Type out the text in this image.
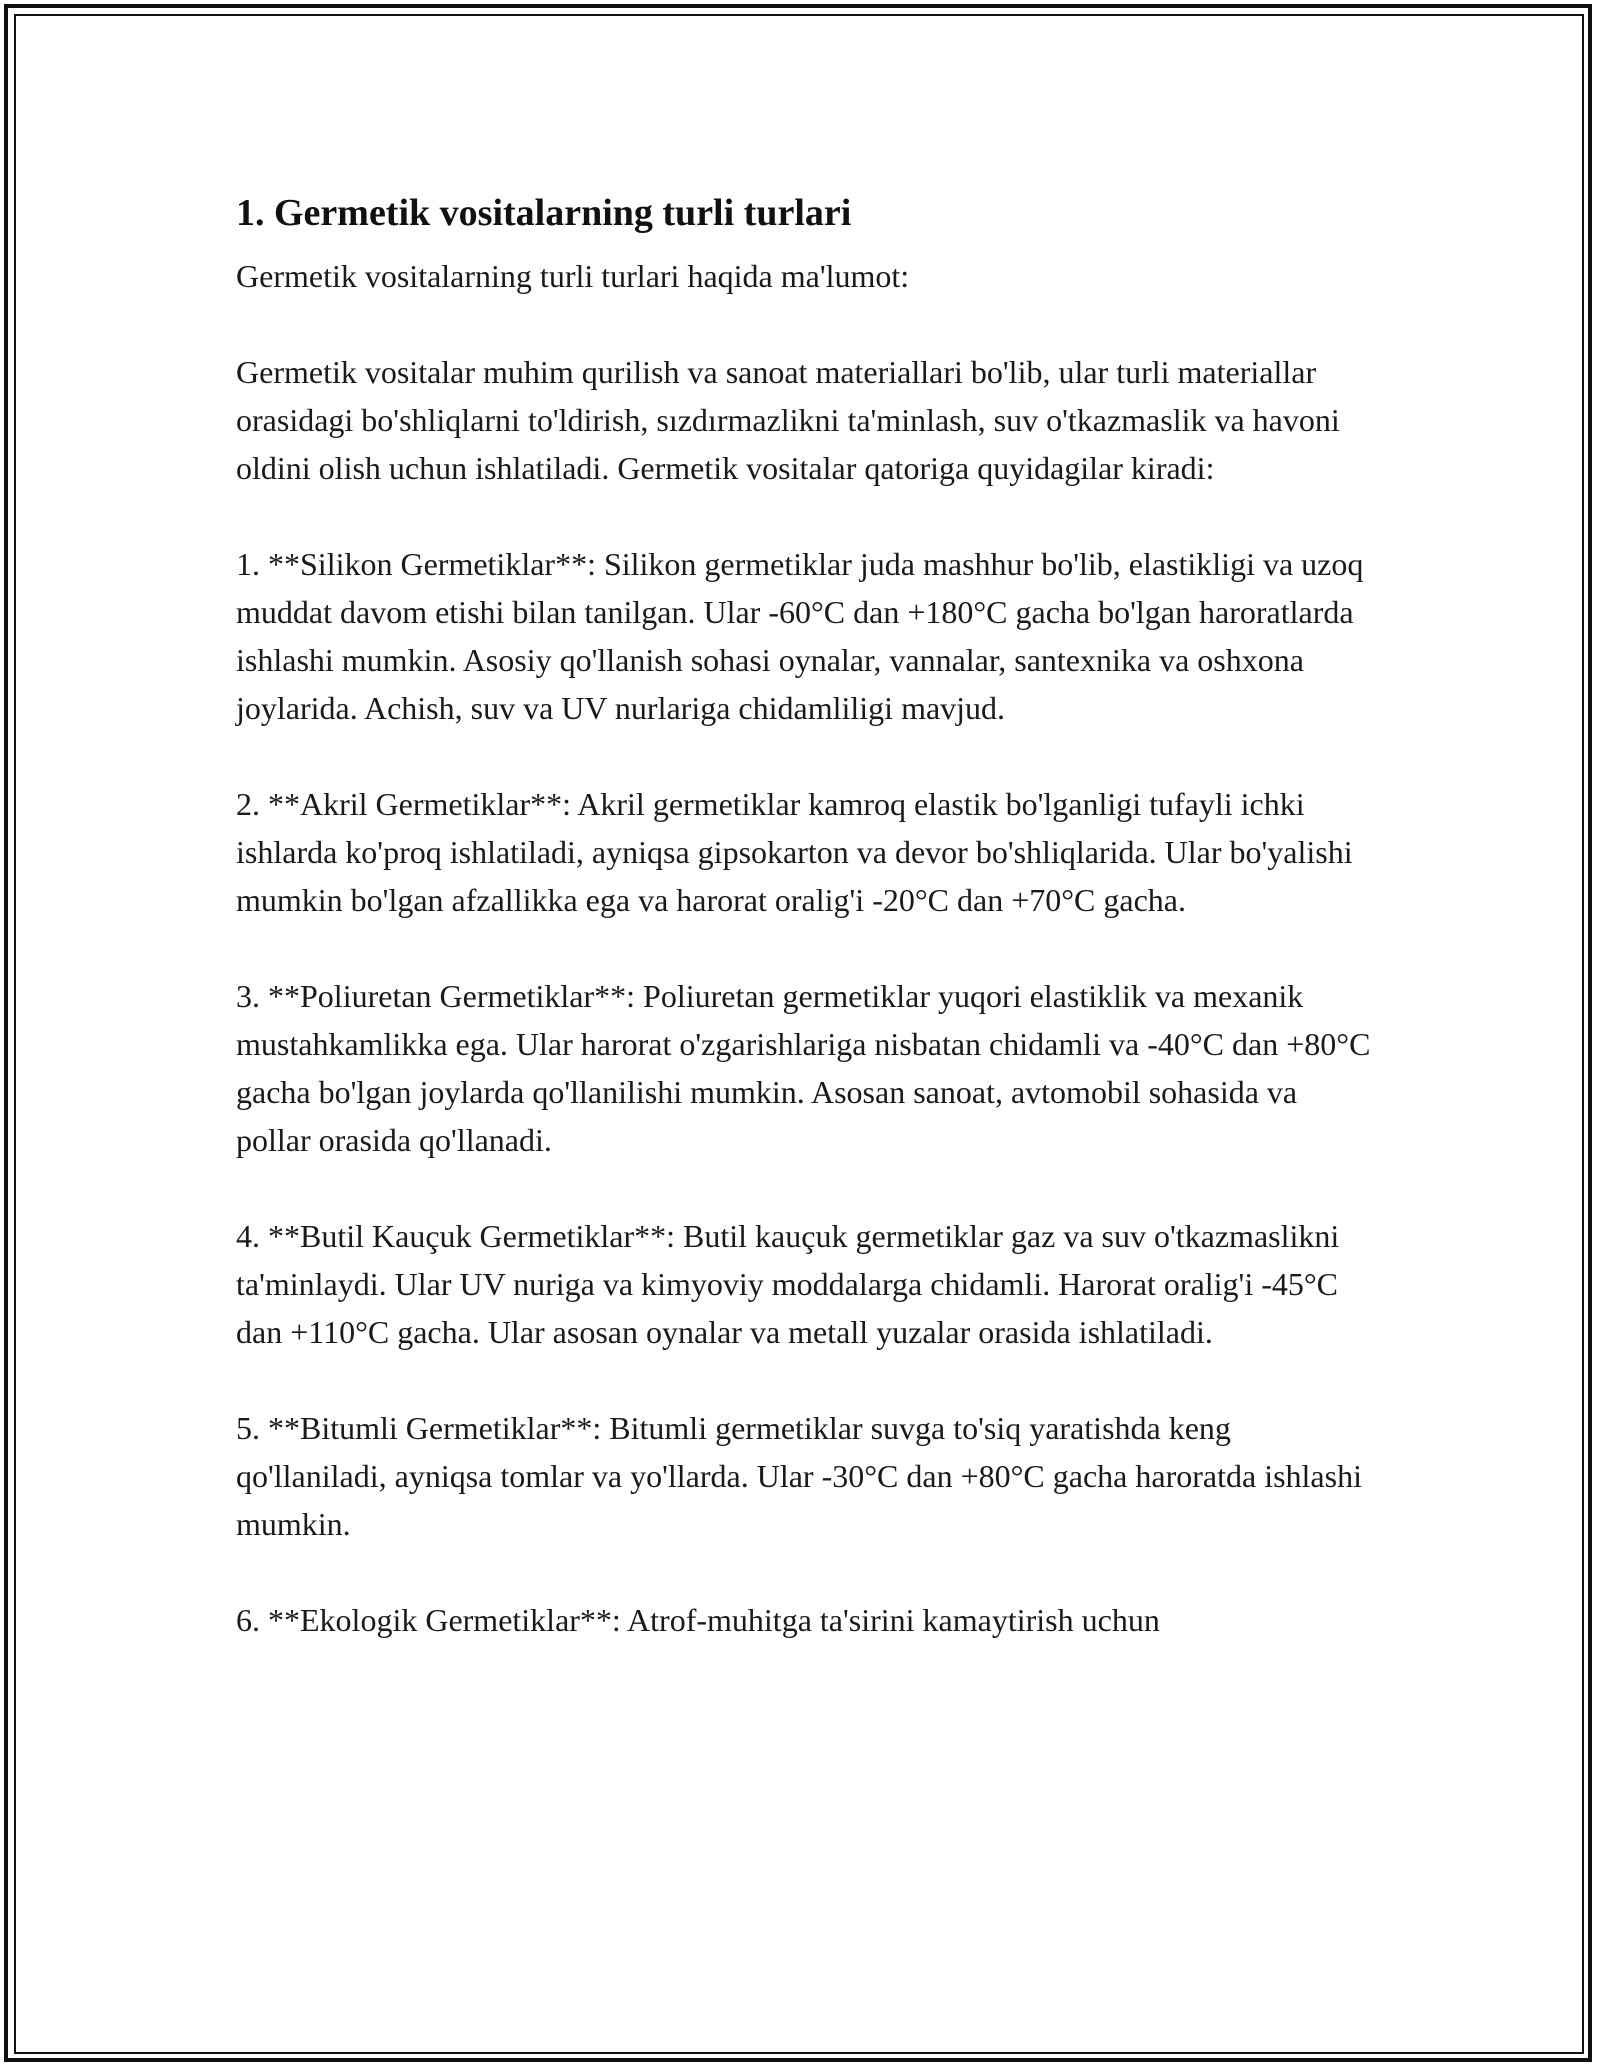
1. Germetik vositalarning turli turlari

Germetik vositalarning turli turlari haqida ma'lumot:

Germetik vositalar muhim qurilish va sanoat materiallari bo'lib, ular turli materiallar orasidagi bo'shliqlarni to'ldirish, sızdırmazlikni ta'minlash, suv o'tkazmaslik va havoni oldini olish uchun ishlatiladi. Germetik vositalar qatoriga quyidagilar kiradi:

1. **Silikon Germetiklar**: Silikon germetiklar juda mashhur bo'lib, elastikligi va uzoq muddat davom etishi bilan tanilgan. Ular -60°C dan +180°C gacha bo'lgan haroratlarda ishlashi mumkin. Asosiy qo'llanish sohasi oynalar, vannalar, santexnika va oshxona joylarida. Achish, suv va UV nurlariga chidamliligi mavjud.

2. **Akril Germetiklar**: Akril germetiklar kamroq elastik bo'lganligi tufayli ichki ishlarda ko'proq ishlatiladi, ayniqsa gipsokarton va devor bo'shliqlarida. Ular bo'yalishi mumkin bo'lgan afzallikka ega va harorat oralig'i -20°C dan +70°C gacha.

3. **Poliuretan Germetiklar**: Poliuretan germetiklar yuqori elastiklik va mexanik mustahkamlikka ega. Ular harorat o'zgarishlariga nisbatan chidamli va -40°C dan +80°C gacha bo'lgan joylarda qo'llanilishi mumkin. Asosan sanoat, avtomobil sohasida va pollar orasida qo'llanadi.

4. **Butil Kauçuk Germetiklar**: Butil kauçuk germetiklar gaz va suv o'tkazmaslikni ta'minlaydi. Ular UV nuriga va kimyoviy moddalarga chidamli. Harorat oralig'i -45°C dan +110°C gacha. Ular asosan oynalar va metall yuzalar orasida ishlatiladi.

5. **Bitumli Germetiklar**: Bitumli germetiklar suvga to'siq yaratishda keng qo'llaniladi, ayniqsa tomlar va yo'llarda. Ular -30°C dan +80°C gacha haroratda ishlashi mumkin.

6. **Ekologik Germetiklar**: Atrof-muhitga ta'sirini kamaytirish uchun
